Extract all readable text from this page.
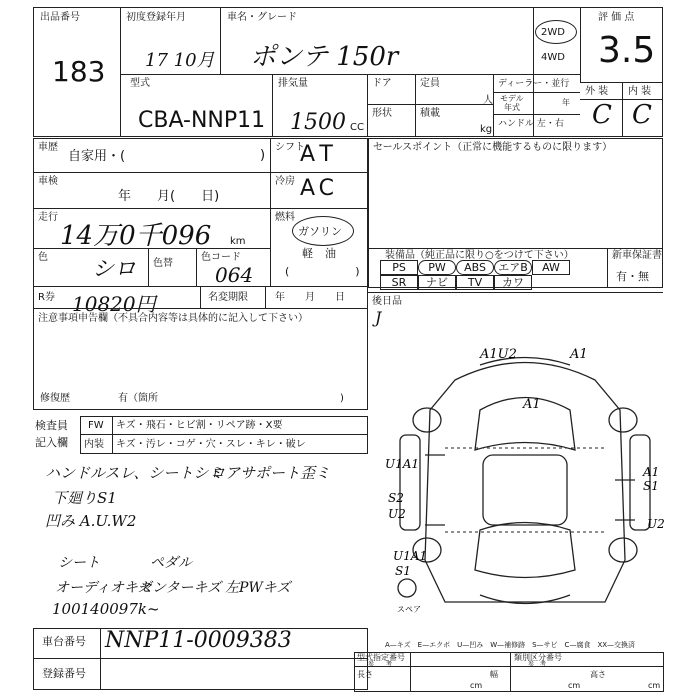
出品番号
183
初度登録年月
17 10月
車名・グレード
ポンテ 150r
2WD
4WD
評 価 点
3.5
外 装 内 装
C C
型式
CBA-NNP11
排気量
1500 CC
ドア	定員
人
形状	積載
kg
ディーラー・並行
モデル
年式
年
ハンドル 左・右
車歴
自家用・(	)
シフト
AT
車検
年　　月(　　日)
冷房 AC
走行
14万0千096 km
燃料
ガソリン
軽 油
(　　　　　　)
色 シロ 色替
色コード
064
R券 10820円	名変期限	年　　月　　日
注意事項申告欄（不具合内容等は具体的に記入して下さい）
修復歴	有（箇所	)
セールスポイント（正常に機能するものに限ります）
装備品（純正品に限り○をつけて下さい）	新車保証書
有・無
PS	PW	ABS	エアB	AW
SR	ナビ	TV	カワ
後日品
J
検査員
記入欄
FW キズ・飛石・ヒビ割・リペア跡・X要
内装 キズ・汚レ・コゲ・穴・スレ・キレ・破レ
ハンドルスレ、シートシミ
ロアサポート歪ミ
下廻りS1
凹み A.U.W2
シート	ペダル
オーディオキズ
センターキズ 左PWキズ
100140097k~
A1U2	A1
A1
U1A1
S2
U2
A1
S1
U2
U1A1
S1
スペア
車台番号 NNP11-0009383
登録番号
A—キズ　E—エクボ　U—凹み　W—補修跡　S—サビ　C—腐食　XX—交換済
型式指定番号
参　　考
類別区分番号
参　考
長さ
cm
幅
cm
高さ
cm
